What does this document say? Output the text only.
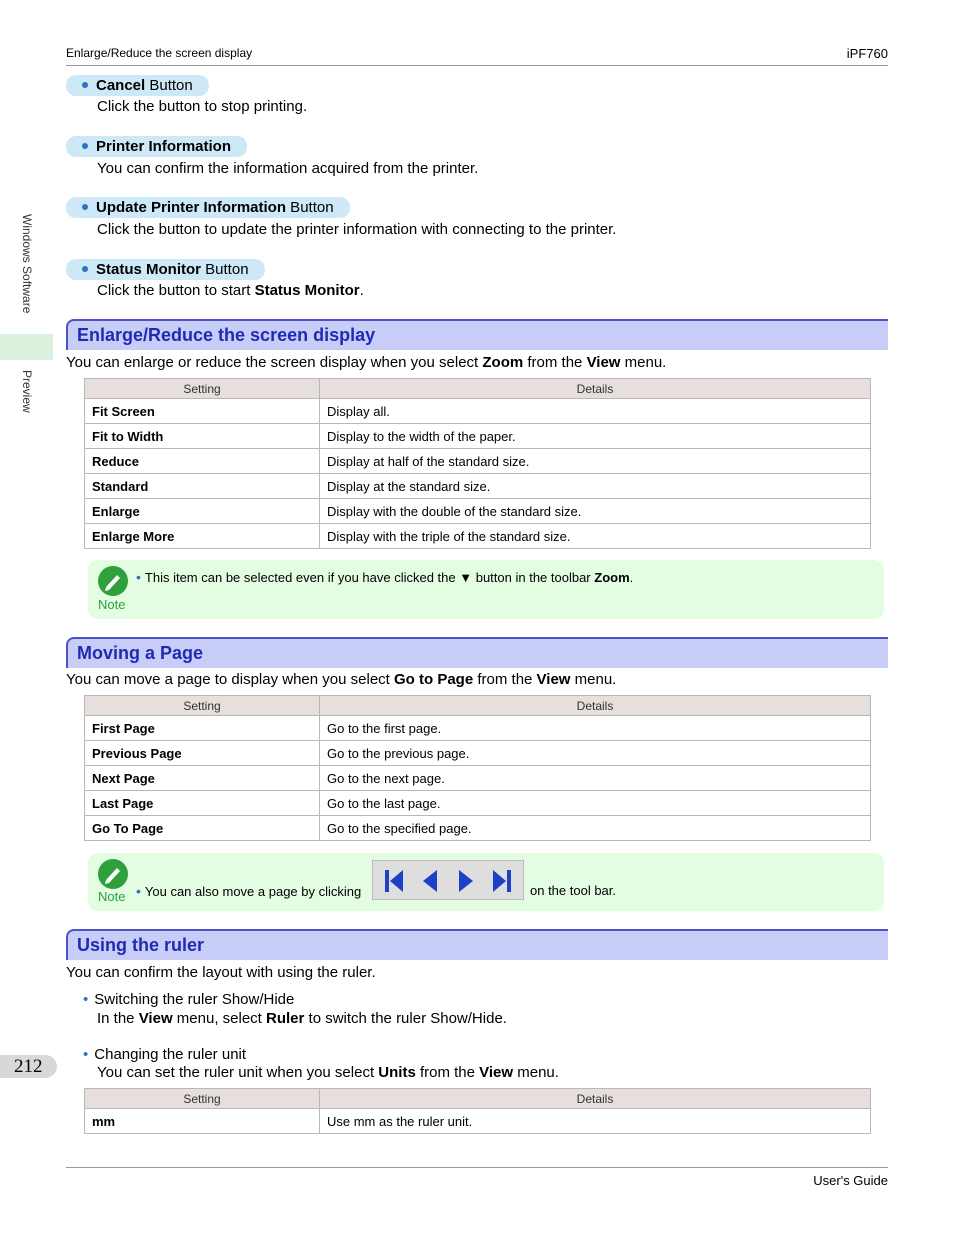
Enlarge/Reduce the screen display	iPF760
Windows Software
Preview
Cancel Button
Click the button to stop printing.
Printer Information
You can confirm the information acquired from the printer.
Update Printer Information Button
Click the button to update the printer information with connecting to the printer.
Status Monitor Button
Click the button to start Status Monitor.
Enlarge/Reduce the screen display
You can enlarge or reduce the screen display when you select Zoom from the View menu.
Setting	Details
Fit Screen	Display all.
Fit to Width	Display to the width of the paper.
Reduce	Display at half of the standard size.
Standard	Display at the standard size.
Enlarge	Display with the double of the standard size.
Enlarge More	Display with the triple of the standard size.
Note
• This item can be selected even if you have clicked the ▼ button in the toolbar Zoom.
Moving a Page
You can move a page to display when you select Go to Page from the View menu.
Setting	Details
First Page	Go to the first page.
Previous Page	Go to the previous page.
Next Page	Go to the next page.
Last Page	Go to the last page.
Go To Page	Go to the specified page.
Note • You can also move a page by clicking	on the tool bar.
Using the ruler
You can confirm the layout with using the ruler.
• Switching the ruler Show/Hide
In the View menu, select Ruler to switch the ruler Show/Hide.
• Changing the ruler unit
You can set the ruler unit when you select Units from the View menu.
Setting	Details
mm	Use mm as the ruler unit.
212
User's Guide
